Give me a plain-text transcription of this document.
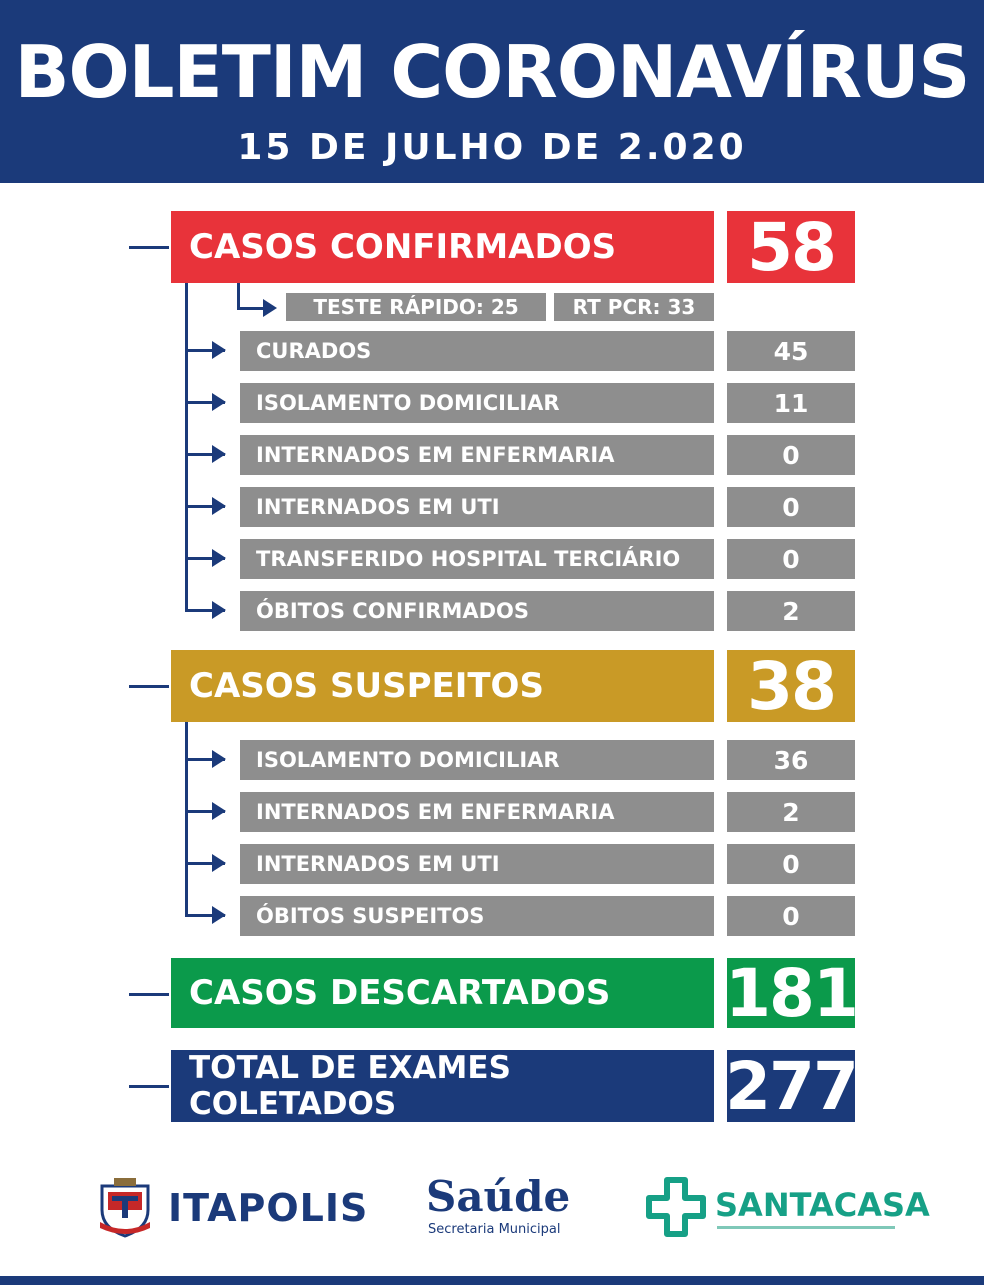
BOLETIM CORONAVÍRUS
15 DE JULHO DE 2.020
CASOS CONFIRMADOS	58
TESTE RÁPIDO: 25	RT PCR: 33
CURADOS	45
ISOLAMENTO DOMICILIAR	11
INTERNADOS EM ENFERMARIA	0
INTERNADOS EM UTI	0
TRANSFERIDO HOSPITAL TERCIÁRIO	0
ÓBITOS CONFIRMADOS	2
CASOS SUSPEITOS	38
ISOLAMENTO DOMICILIAR	36
INTERNADOS EM ENFERMARIA	2
INTERNADOS EM UTI	0
ÓBITOS SUSPEITOS	0
CASOS DESCARTADOS 181
TOTAL DE EXAMES COLETADOS	277
ITAPOLIS Saúde
Secretaria Municipal
SANTACASA
